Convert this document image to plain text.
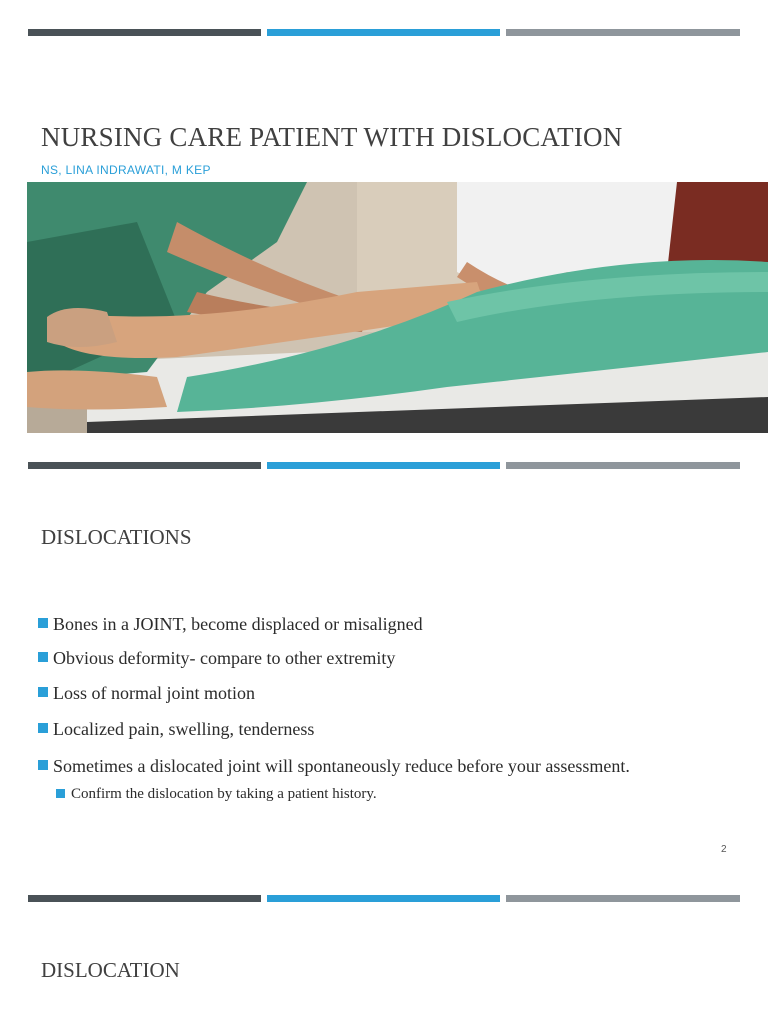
NURSING CARE PATIENT WITH DISLOCATION
NS, LINA INDRAWATI, M KEP
DISLOCATIONS
Bones in a JOINT, become displaced or misaligned
Obvious deformity- compare to other extremity
Loss of normal joint motion
Localized pain, swelling, tenderness
Sometimes a dislocated joint will spontaneously reduce before your assessment.
Confirm the dislocation by taking a patient history.
2
DISLOCATION
